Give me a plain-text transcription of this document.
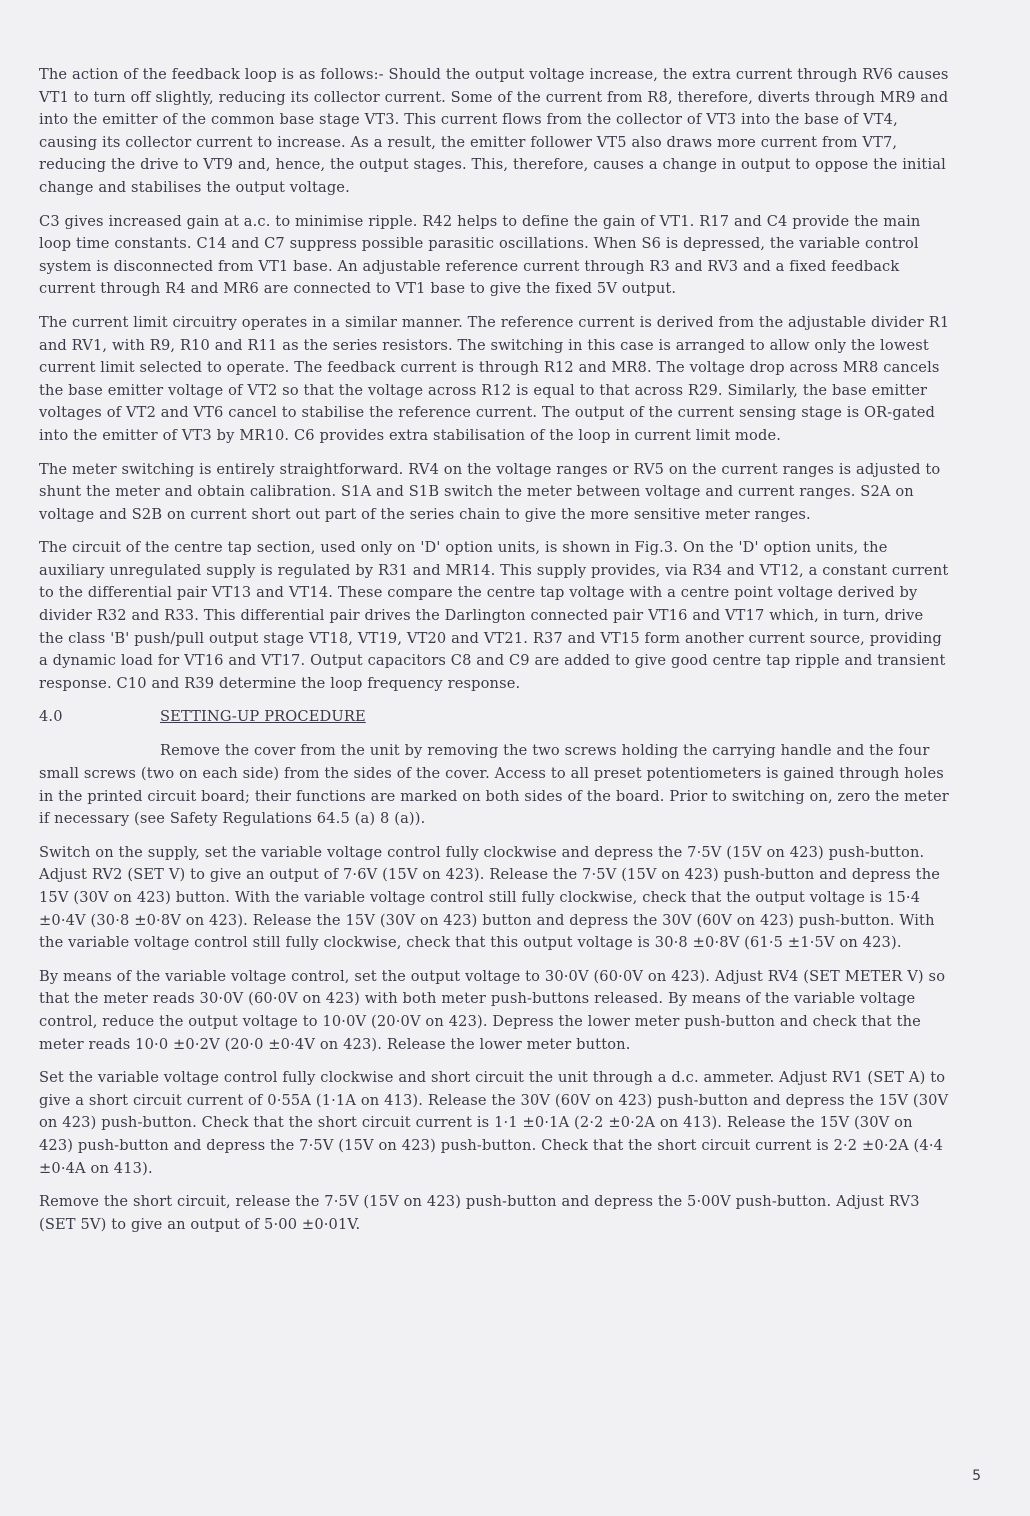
The action of the feedback loop is as follows:- Should the output voltage increase, the extra current through RV6 causes VT1 to turn off slightly, reducing its collector current. Some of the current from R8, therefore, diverts through MR9 and into the emitter of the common base stage VT3. This current flows from the collector of VT3 into the base of VT4, causing its collector current to increase. As a result, the emitter follower VT5 also draws more current from VT7, reducing the drive to VT9 and, hence, the output stages. This, therefore, causes a change in output to oppose the initial change and stabilises the output voltage.

C3 gives increased gain at a.c. to minimise ripple. R42 helps to define the gain of VT1. R17 and C4 provide the main loop time constants. C14 and C7 suppress possible parasitic oscillations. When S6 is depressed, the variable control system is disconnected from VT1 base. An adjustable reference current through R3 and RV3 and a fixed feedback current through R4 and MR6 are connected to VT1 base to give the fixed 5V output.

The current limit circuitry operates in a similar manner. The reference current is derived from the adjustable divider R1 and RV1, with R9, R10 and R11 as the series resistors. The switching in this case is arranged to allow only the lowest current limit selected to operate. The feedback current is through R12 and MR8. The voltage drop across MR8 cancels the base emitter voltage of VT2 so that the voltage across R12 is equal to that across R29. Similarly, the base emitter voltages of VT2 and VT6 cancel to stabilise the reference current. The output of the current sensing stage is OR-gated into the emitter of VT3 by MR10. C6 provides extra stabilisation of the loop in current limit mode.

The meter switching is entirely straightforward. RV4 on the voltage ranges or RV5 on the current ranges is adjusted to shunt the meter and obtain calibration. S1A and S1B switch the meter between voltage and current ranges. S2A on voltage and S2B on current short out part of the series chain to give the more sensitive meter ranges.

The circuit of the centre tap section, used only on 'D' option units, is shown in Fig.3. On the 'D' option units, the auxiliary unregulated supply is regulated by R31 and MR14. This supply provides, via R34 and VT12, a constant current to the differential pair VT13 and VT14. These compare the centre tap voltage with a centre point voltage derived by divider R32 and R33. This differential pair drives the Darlington connected pair VT16 and VT17 which, in turn, drive the class 'B' push/pull output stage VT18, VT19, VT20 and VT21. R37 and VT15 form another current source, providing a dynamic load for VT16 and VT17. Output capacitors C8 and C9 are added to give good centre tap ripple and transient response. C10 and R39 determine the loop frequency response.

4.0	SETTING-UP PROCEDURE

Remove the cover from the unit by removing the two screws holding the carrying handle and the four small screws (two on each side) from the sides of the cover. Access to all preset potentiometers is gained through holes in the printed circuit board; their functions are marked on both sides of the board. Prior to switching on, zero the meter if necessary (see Safety Regulations 64.5 (a) 8 (a)).

Switch on the supply, set the variable voltage control fully clockwise and depress the 7·5V (15V on 423) push-button. Adjust RV2 (SET V) to give an output of 7·6V (15V on 423). Release the 7·5V (15V on 423) push-button and depress the 15V (30V on 423) button. With the variable voltage control still fully clockwise, check that the output voltage is 15·4 ±0·4V (30·8 ±0·8V on 423). Release the 15V (30V on 423) button and depress the 30V (60V on 423) push-button. With the variable voltage control still fully clockwise, check that this output voltage is 30·8 ±0·8V (61·5 ±1·5V on 423).

By means of the variable voltage control, set the output voltage to 30·0V (60·0V on 423). Adjust RV4 (SET METER V) so that the meter reads 30·0V (60·0V on 423) with both meter push-buttons released. By means of the variable voltage control, reduce the output voltage to 10·0V (20·0V on 423). Depress the lower meter push-button and check that the meter reads 10·0 ±0·2V (20·0 ±0·4V on 423). Release the lower meter button.

Set the variable voltage control fully clockwise and short circuit the unit through a d.c. ammeter. Adjust RV1 (SET A) to give a short circuit current of 0·55A (1·1A on 413). Release the 30V (60V on 423) push-button and depress the 15V (30V on 423) push-button. Check that the short circuit current is 1·1 ±0·1A (2·2 ±0·2A on 413). Release the 15V (30V on 423) push-button and depress the 7·5V (15V on 423) push-button. Check that the short circuit current is 2·2 ±0·2A (4·4 ±0·4A on 413).

Remove the short circuit, release the 7·5V (15V on 423) push-button and depress the 5·00V push-button. Adjust RV3 (SET 5V) to give an output of 5·00 ±0·01V.

5
